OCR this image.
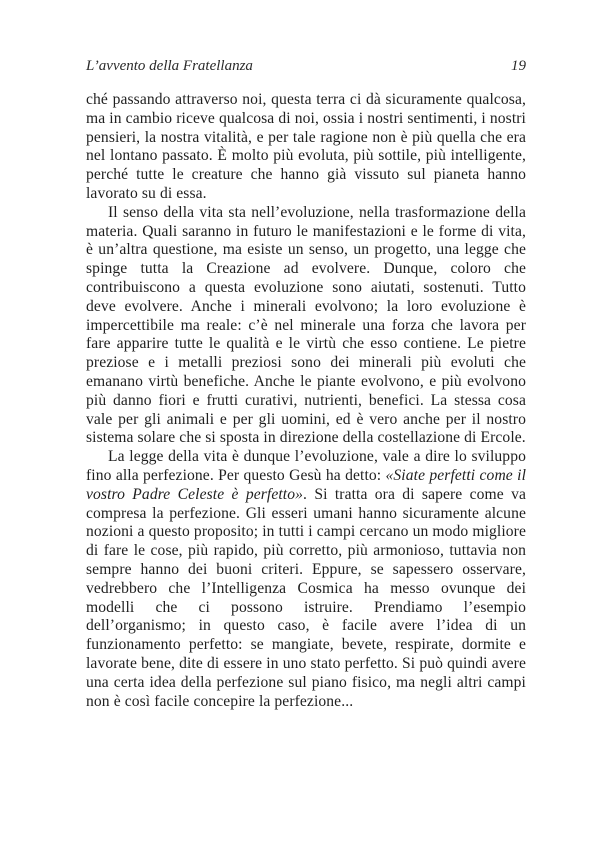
L’avvento della Fratellanza	19

ché passando attraverso noi, questa terra ci dà sicuramente qualcosa, ma in cambio riceve qualcosa di noi, ossia i nostri sentimenti, i nostri pensieri, la nostra vitalità, e per tale ragione non è più quella che era nel lontano passato. È molto più evoluta, più sottile, più intelligente, perché tutte le creature che hanno già vissuto sul pianeta hanno lavorato su di essa.

Il senso della vita sta nell’evoluzione, nella trasformazione della materia. Quali saranno in futuro le manifestazioni e le forme di vita, è un’altra questione, ma esiste un senso, un progetto, una legge che spinge tutta la Creazione ad evolvere. Dunque, coloro che contribuiscono a questa evoluzione sono aiutati, sostenuti. Tutto deve evolvere. Anche i minerali evolvono; la loro evoluzione è impercettibile ma reale: c’è nel minerale una forza che lavora per fare apparire tutte le qualità e le virtù che esso contiene. Le pietre preziose e i metalli preziosi sono dei minerali più evoluti che emanano virtù benefiche. Anche le piante evolvono, e più evolvono più danno fiori e frutti curativi, nutrienti, benefici. La stessa cosa vale per gli animali e per gli uomini, ed è vero anche per il nostro sistema solare che si sposta in direzione della costellazione di Ercole.

La legge della vita è dunque l’evoluzione, vale a dire lo sviluppo fino alla perfezione. Per questo Gesù ha detto: «Siate perfetti come il vostro Padre Celeste è perfetto». Si tratta ora di sapere come va compresa la perfezione. Gli esseri umani hanno sicuramente alcune nozioni a questo proposito; in tutti i campi cercano un modo migliore di fare le cose, più rapido, più corretto, più armonioso, tuttavia non sempre hanno dei buoni criteri. Eppure, se sapessero osservare, vedrebbero che l’Intelligenza Cosmica ha messo ovunque dei modelli che ci possono istruire. Prendiamo l’esempio dell’organismo; in questo caso, è facile avere l’idea di un funzionamento perfetto: se mangiate, bevete, respirate, dormite e lavorate bene, dite di essere in uno stato perfetto. Si può quindi avere una certa idea della perfezione sul piano fisico, ma negli altri campi non è così facile concepire la perfezione...
